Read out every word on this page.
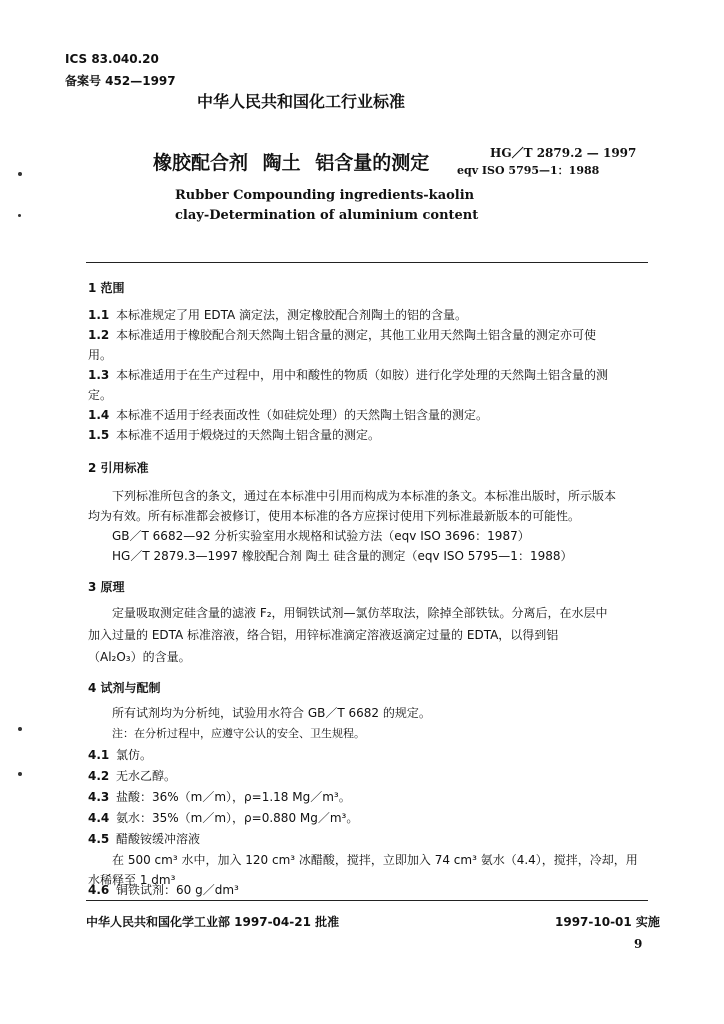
ICS 83.040.20
备案号 452—1997
中华人民共和国化工行业标准
橡胶配合剂 陶土 铝含量的测定	HG／T 2879.2 — 1997
eqv ISO 5795—1：1988
Rubber Compounding ingredients-kaolin
clay-Determination of aluminium content
1 范围
1.1 本标准规定了用 EDTA 滴定法，测定橡胶配合剂陶土的铝的含量。
1.2 本标准适用于橡胶配合剂天然陶土铝含量的测定，其他工业用天然陶土铝含量的测定亦可使
用。
1.3 本标准适用于在生产过程中，用中和酸性的物质（如胺）进行化学处理的天然陶土铝含量的测
定。
1.4 本标准不适用于经表面改性（如硅烷处理）的天然陶土铝含量的测定。
1.5 本标准不适用于煅烧过的天然陶土铝含量的测定。
2 引用标准
下列标准所包含的条文，通过在本标准中引用而构成为本标准的条文。本标准出版时，所示版本
均为有效。所有标准都会被修订，使用本标准的各方应探讨使用下列标准最新版本的可能性。
GB／T 6682—92 分析实验室用水规格和试验方法（eqv ISO 3696：1987）
HG／T 2879.3—1997 橡胶配合剂 陶土 硅含量的测定（eqv ISO 5795—1：1988）
3 原理
定量吸取测定硅含量的滤液 F₂，用铜铁试剂—氯仿萃取法，除掉全部铁钛。分离后，在水层中
加入过量的 EDTA 标准溶液，络合铝，用锌标准滴定溶液返滴定过量的 EDTA，以得到铝
（Al₂O₃）的含量。
4 试剂与配制
所有试剂均为分析纯，试验用水符合 GB／T 6682 的规定。
注：在分析过程中，应遵守公认的安全、卫生规程。
4.1 氯仿。
4.2 无水乙醇。
4.3 盐酸：36%（m／m），ρ=1.18 Mg／m³。
4.4 氨水：35%（m／m），ρ=0.880 Mg／m³。
4.5 醋酸铵缓冲溶液
在 500 cm³ 水中，加入 120 cm³ 冰醋酸，搅拌，立即加入 74 cm³ 氨水（4.4），搅拌，冷却，用
水稀释至 1 dm³
4.6 铜铁试剂：60 g／dm³
中华人民共和国化学工业部 1997-04-21 批准	1997-10-01 实施
9
